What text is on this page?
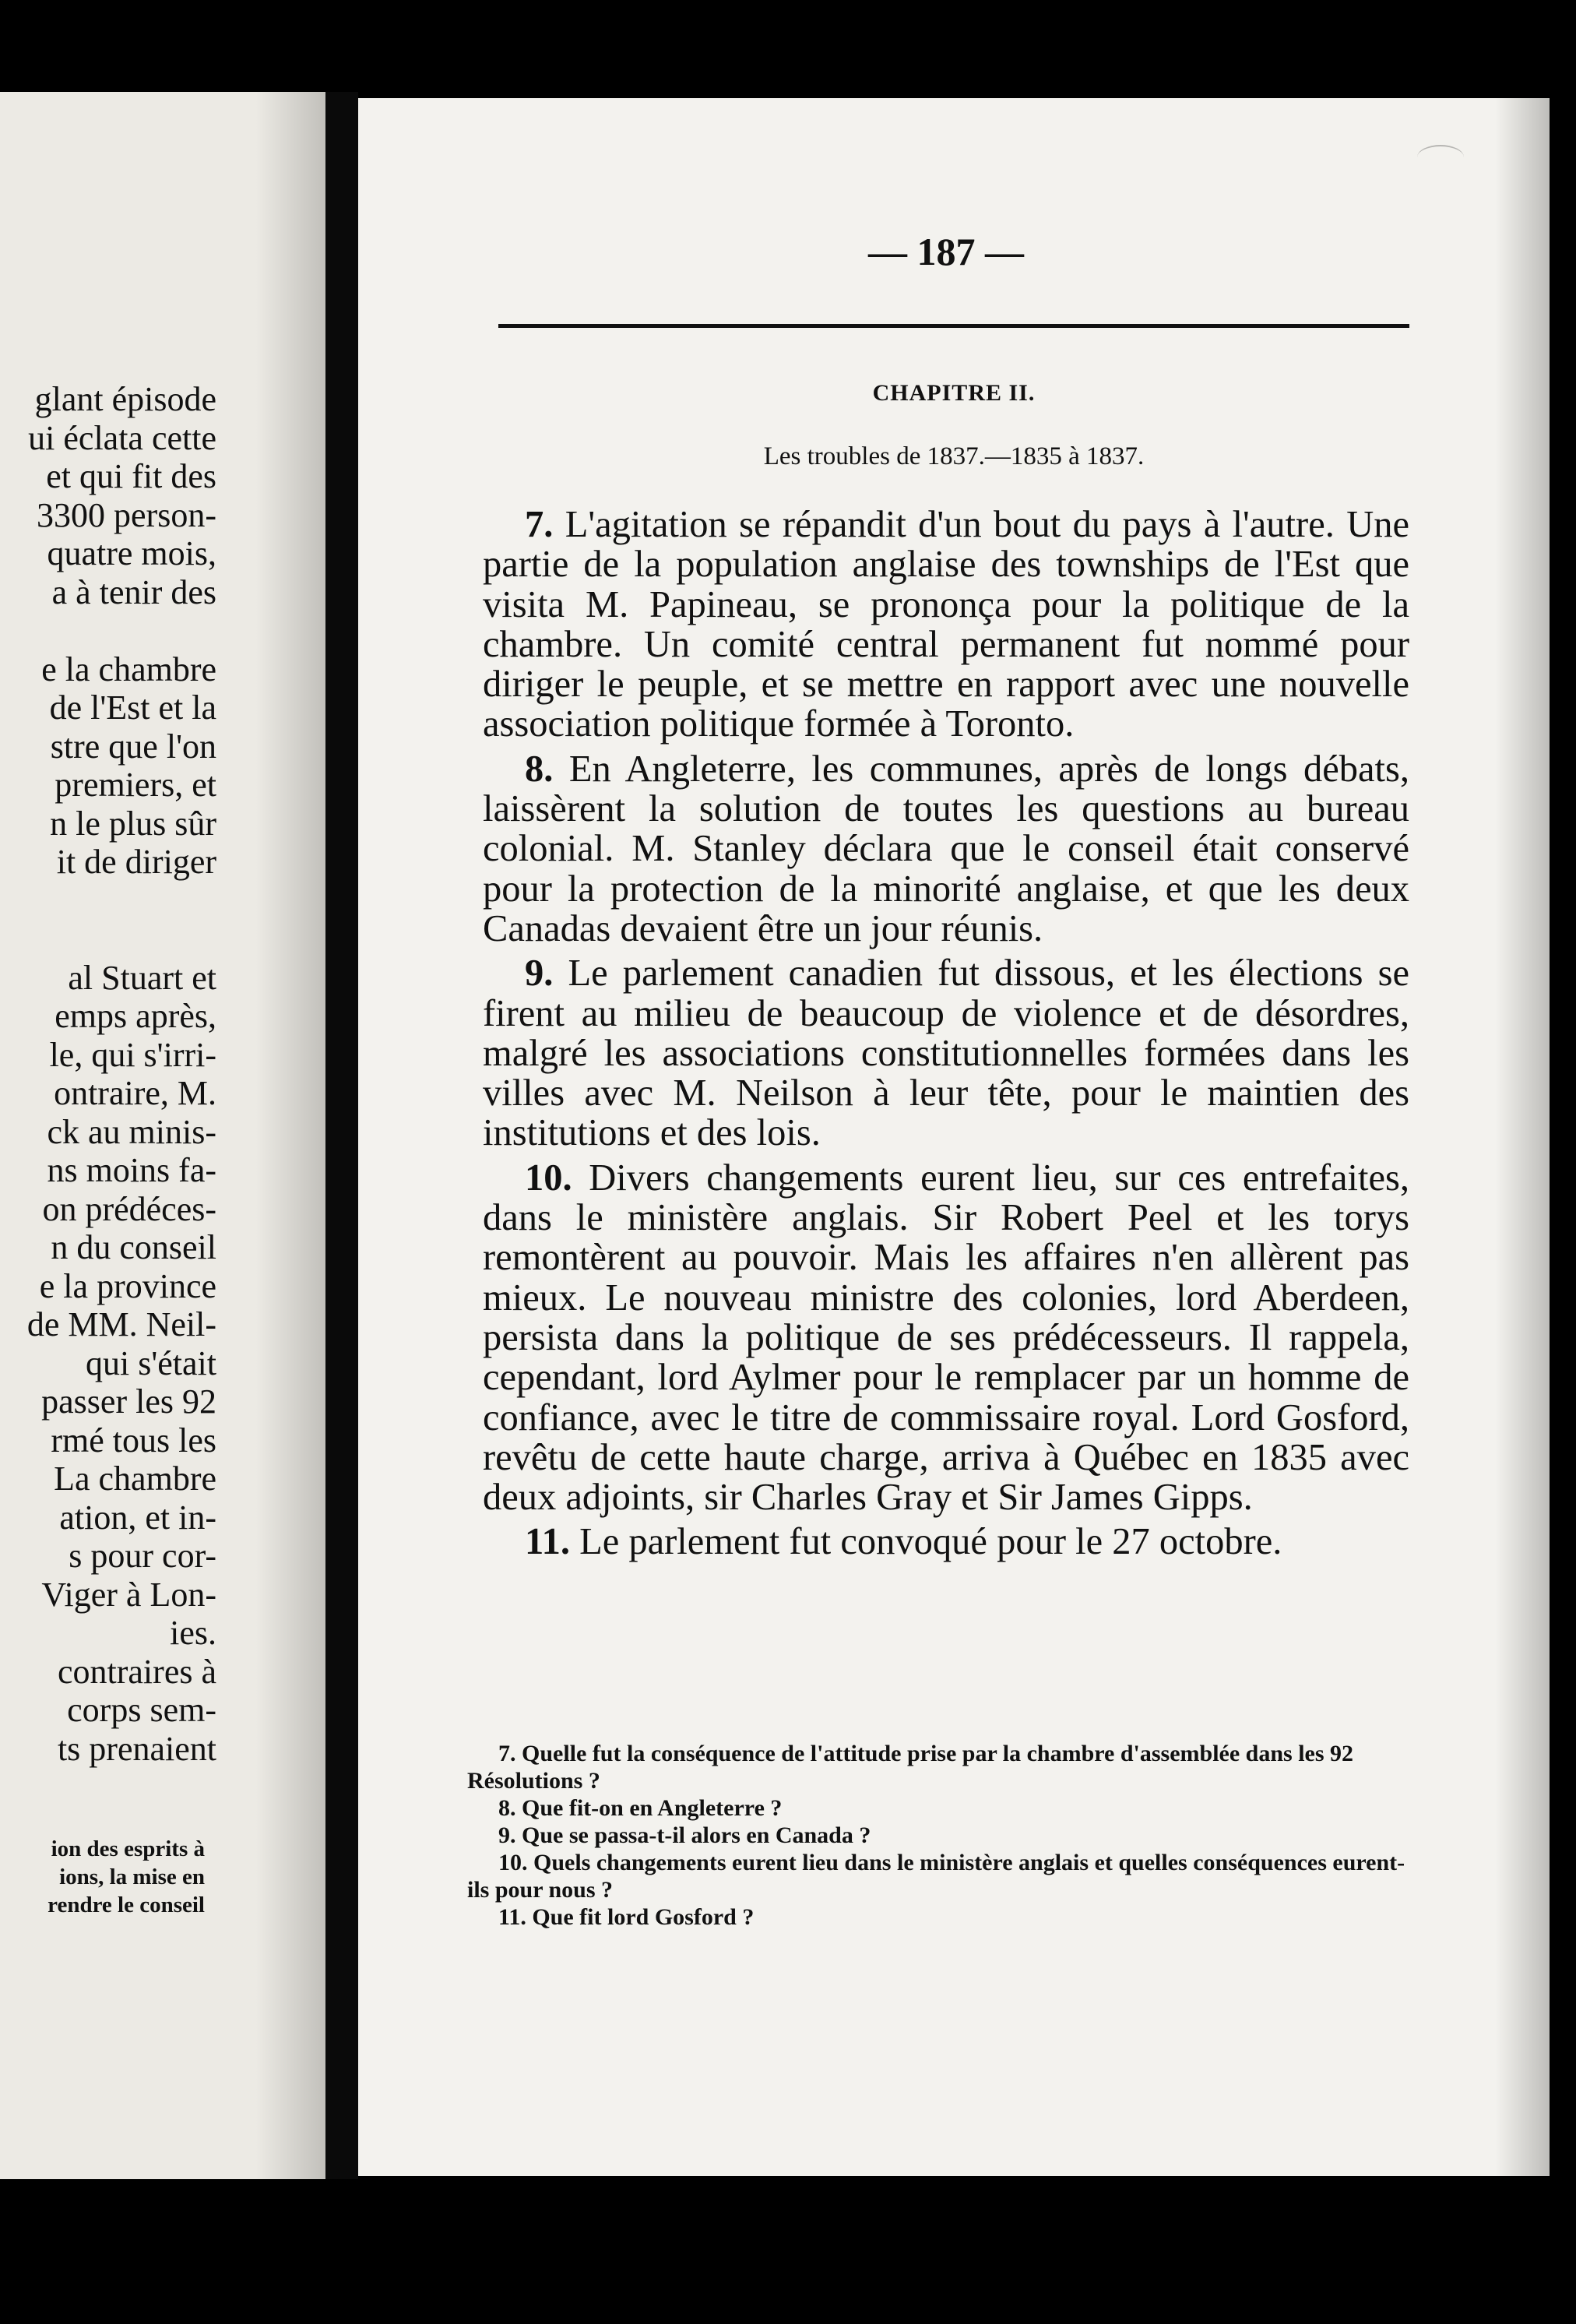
glant épisode
ui éclata cette
et qui fit des
3300 person-
quatre mois,
a à tenir des
e la chambre
de l'Est et la
stre que l'on
premiers, et
n le plus sûr
it de diriger
al Stuart et
emps après,
le, qui s'irri-
ontraire, M.
ck au minis-
ns moins fa-
on prédéces-
n du conseil
e la province
de MM. Neil-
qui s'était
passer les 92
rmé tous les
La chambre
ation, et in-
s pour cor-
Viger à Lon-
ies.
contraires à
corps sem-
ts prenaient
ion des esprits à
ions, la mise en
rendre le conseil
— 187 —
CHAPITRE II.
Les troubles de 1837.—1835 à 1837.

7. L'agitation se répandit d'un bout du pays à l'autre. Une partie de la population anglaise des townships de l'Est que visita M. Papineau, se prononça pour la politique de la chambre. Un comité central permanent fut nommé pour diriger le peuple, et se mettre en rapport avec une nouvelle association politique formée à Toronto.

8. En Angleterre, les communes, après de longs débats, laissèrent la solution de toutes les questions au bureau colonial. M. Stanley déclara que le conseil était conservé pour la protection de la minorité anglaise, et que les deux Canadas devaient être un jour réunis.

9. Le parlement canadien fut dissous, et les élections se firent au milieu de beaucoup de violence et de désordres, malgré les associations constitutionnelles formées dans les villes avec M. Neilson à leur tête, pour le maintien des institutions et des lois.

10. Divers changements eurent lieu, sur ces entrefaites, dans le ministère anglais. Sir Robert Peel et les torys remontèrent au pouvoir. Mais les affaires n'en allèrent pas mieux. Le nouveau ministre des colonies, lord Aberdeen, persista dans la politique de ses prédécesseurs. Il rappela, cependant, lord Aylmer pour le remplacer par un homme de confiance, avec le titre de commissaire royal. Lord Gosford, revêtu de cette haute charge, arriva à Québec en 1835 avec deux adjoints, sir Charles Gray et Sir James Gipps.

11. Le parlement fut convoqué pour le 27 octobre.

7. Quelle fut la conséquence de l'attitude prise par la chambre d'assemblée dans les 92 Résolutions ?

8. Que fit-on en Angleterre ?

9. Que se passa-t-il alors en Canada ?

10. Quels changements eurent lieu dans le ministère anglais et quelles conséquences eurent-ils pour nous ?

11. Que fit lord Gosford ?
